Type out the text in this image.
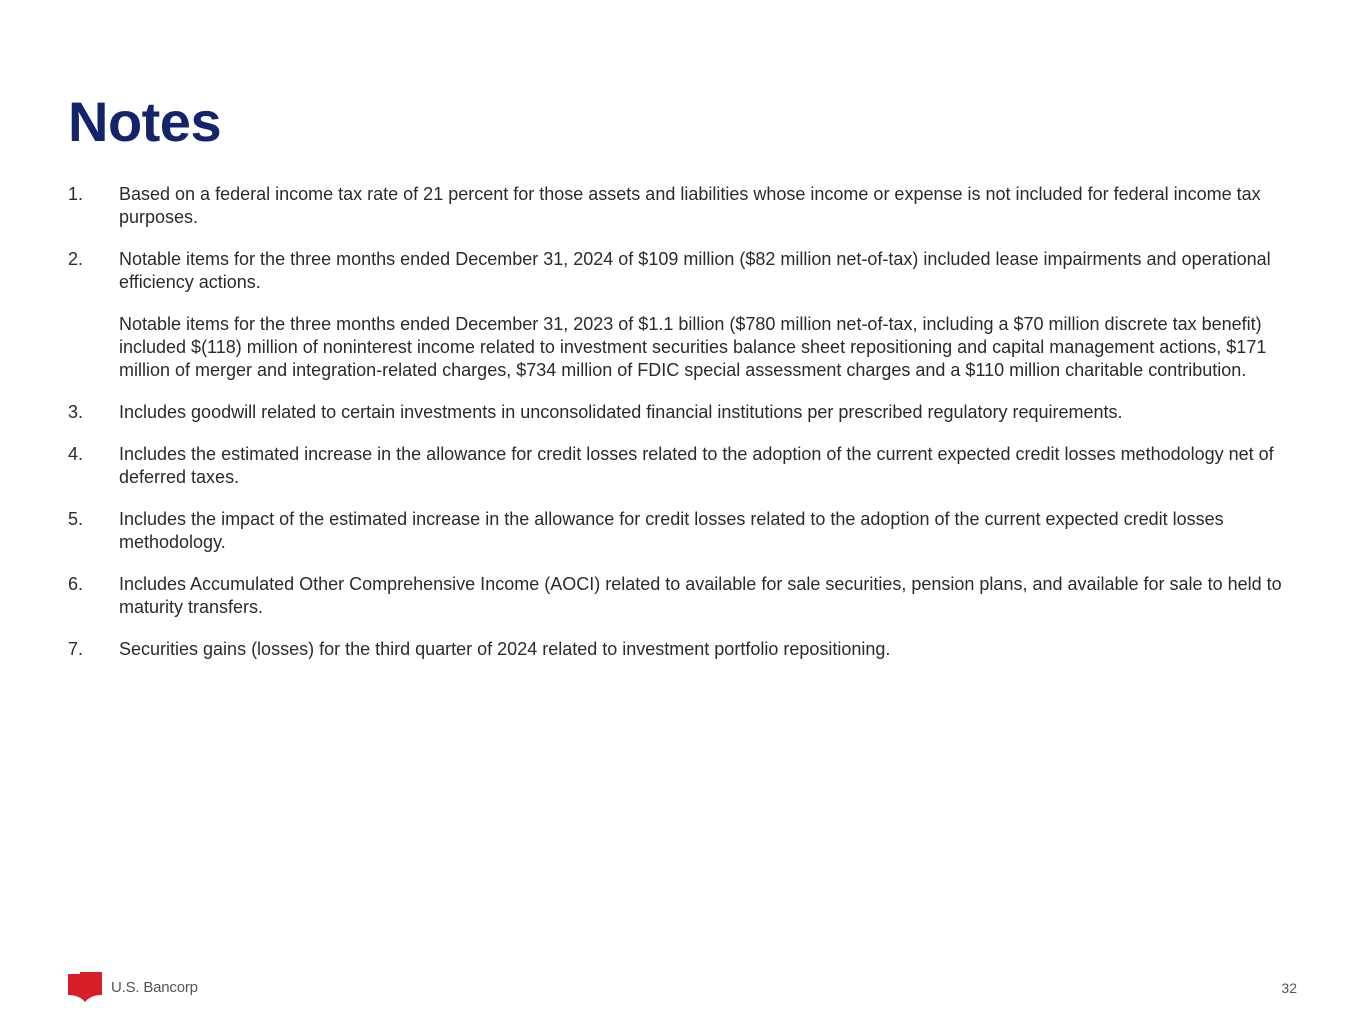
Notes
1.	Based on a federal income tax rate of 21 percent for those assets and liabilities whose income or expense is not included for federal income tax purposes.

2.	Notable items for the three months ended December 31, 2024 of $109 million ($82 million net-of-tax) included lease impairments and operational efficiency actions.

Notable items for the three months ended December 31, 2023 of $1.1 billion ($780 million net-of-tax, including a $70 million discrete tax benefit) included $(118) million of noninterest income related to investment securities balance sheet repositioning and capital management actions, $171 million of merger and integration-related charges, $734 million of FDIC special assessment charges and a $110 million charitable contribution.

3.	Includes goodwill related to certain investments in unconsolidated financial institutions per prescribed regulatory requirements.

4.	Includes the estimated increase in the allowance for credit losses related to the adoption of the current expected credit losses methodology net of deferred taxes.

5.	Includes the impact of the estimated increase in the allowance for credit losses related to the adoption of the current expected credit losses methodology.

6.	Includes Accumulated Other Comprehensive Income (AOCI) related to available for sale securities, pension plans, and available for sale to held to maturity transfers.

7.	Securities gains (losses) for the third quarter of 2024 related to investment portfolio repositioning.

U.S. Bancorp	32
